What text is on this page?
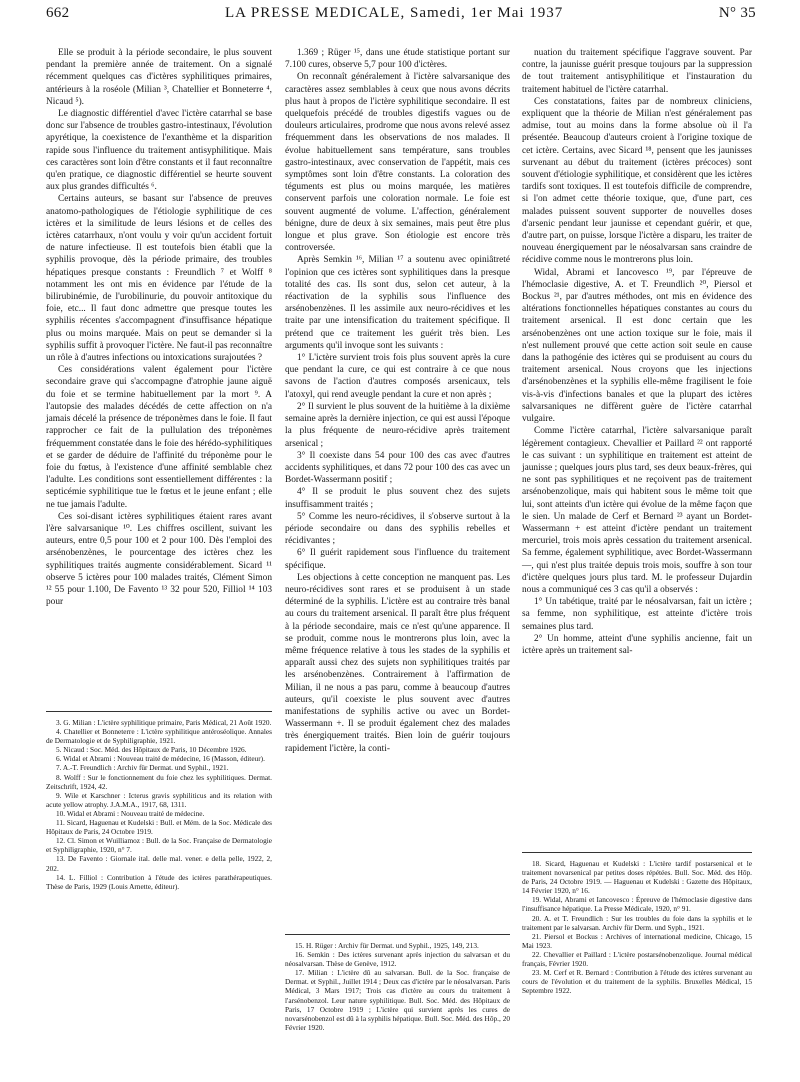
662	LA PRESSE MEDICALE, Samedi, 1er Mai 1937	N° 35

Elle se produit à la période secondaire, le plus souvent pendant la première année de traitement. On a signalé récemment quelques cas d'ictères syphilitiques primaires, antérieurs à la roséole (Milian ³, Chatellier et Bonneterre ⁴, Nicaud ⁵).

Le diagnostic différentiel d'avec l'ictère catarrhal se base donc sur l'absence de troubles gastro-intestinaux, l'évolution apyrétique, la coexistence de l'exanthème et la disparition rapide sous l'influence du traitement antisyphilitique. Mais ces caractères sont loin d'être constants et il faut reconnaître qu'en pratique, ce diagnostic différentiel se heurte souvent aux plus grandes difficultés ⁶.

Certains auteurs, se basant sur l'absence de preuves anatomo-pathologiques de l'étiologie syphilitique de ces ictères et la similitude de leurs lésions et de celles des ictères catarrhaux, n'ont voulu y voir qu'un accident fortuit de nature infectieuse. Il est toutefois bien établi que la syphilis provoque, dès la période primaire, des troubles hépatiques presque constants : Freundlich ⁷ et Wolff ⁸ notamment les ont mis en évidence par l'étude de la bilirubinémie, de l'urobilinurie, du pouvoir antitoxique du foie, etc... Il faut donc admettre que presque toutes les syphilis récentes s'accompagnent d'insuffisance hépatique plus ou moins marquée. Mais on peut se demander si la syphilis suffit à provoquer l'ictère. Ne faut-il pas reconnaître un rôle à d'autres infections ou intoxications surajoutées ?

Ces considérations valent également pour l'ictère secondaire grave qui s'accompagne d'atrophie jaune aiguë du foie et se termine habituellement par la mort ⁹. A l'autopsie des malades décédés de cette affection on n'a jamais décelé la présence de tréponèmes dans le foie. Il faut rapprocher ce fait de la pullulation des tréponèmes fréquemment constatée dans le foie des hérédo-syphilitiques et se garder de déduire de l'affinité du tréponème pour le foie du fœtus, à l'existence d'une affinité semblable chez l'adulte. Les conditions sont essentiellement différentes : la septicémie syphilitique tue le fœtus et le jeune enfant ; elle ne tue jamais l'adulte.

Ces soi-disant ictères syphilitiques étaient rares avant l'ère salvarsanique ¹⁰. Les chiffres oscillent, suivant les auteurs, entre 0,5 pour 100 et 2 pour 100. Dès l'emploi des arsénobenzènes, le pourcentage des ictères chez les syphilitiques traités augmente considérablement. Sicard ¹¹ observe 5 ictères pour 100 malades traités, Clément Simon ¹² 55 pour 1.100, De Favento ¹³ 32 pour 520, Filliol ¹⁴ 103 pour

1.369 ; Rüger ¹⁵, dans une étude statistique portant sur 7.100 cures, observe 5,7 pour 100 d'ictères.

On reconnaît généralement à l'ictère salvarsanique des caractères assez semblables à ceux que nous avons décrits plus haut à propos de l'ictère syphilitique secondaire. Il est quelquefois précédé de troubles digestifs vagues ou de douleurs articulaires, prodrome que nous avons relevé assez fréquemment dans les observations de nos malades. Il évolue habituellement sans température, sans troubles gastro-intestinaux, avec conservation de l'appétit, mais ces symptômes sont loin d'être constants. La coloration des téguments est plus ou moins marquée, les matières conservent parfois une coloration normale. Le foie est souvent augmenté de volume. L'affection, généralement bénigne, dure de deux à six semaines, mais peut être plus longue et plus grave. Son étiologie est encore très controversée.

Après Semkin ¹⁶, Milian ¹⁷ a soutenu avec opiniâtreté l'opinion que ces ictères sont syphilitiques dans la presque totalité des cas. Ils sont dus, selon cet auteur, à la réactivation de la syphilis sous l'influence des arsénobenzènes. Il les assimile aux neuro-récidives et les traite par une intensification du traitement spécifique. Il prétend que ce traitement les guérit très bien. Les arguments qu'il invoque sont les suivants :

1° L'ictère survient trois fois plus souvent après la cure que pendant la cure, ce qui est contraire à ce que nous savons de l'action d'autres composés arsenicaux, tels l'atoxyl, qui rend aveugle pendant la cure et non après ;

2° Il survient le plus souvent de la huitième à la dixième semaine après la dernière injection, ce qui est aussi l'époque la plus fréquente de neuro-récidive après traitement arsenical ;

3° Il coexiste dans 54 pour 100 des cas avec d'autres accidents syphilitiques, et dans 72 pour 100 des cas avec un Bordet-Wassermann positif ;

4° Il se produit le plus souvent chez des sujets insuffisamment traités ;

5° Comme les neuro-récidives, il s'observe surtout à la période secondaire ou dans des syphilis rebelles et récidivantes ;

6° Il guérit rapidement sous l'influence du traitement spécifique.

Les objections à cette conception ne manquent pas. Les neuro-récidives sont rares et se produisent à un stade déterminé de la syphilis. L'ictère est au contraire très banal au cours du traitement arsenical. Il paraît être plus fréquent à la période secondaire, mais ce n'est qu'une apparence. Il se produit, comme nous le montrerons plus loin, avec la même fréquence relative à tous les stades de la syphilis et apparaît aussi chez des sujets non syphilitiques traités par les arsénobenzènes. Contrairement à l'affirmation de Milian, il ne nous a pas paru, comme à beaucoup d'autres auteurs, qu'il coexiste le plus souvent avec d'autres manifestations de syphilis active ou avec un Bordet-Wassermann +. Il se produit également chez des malades très énergiquement traités. Bien loin de guérir toujours rapidement l'ictère, la conti-

nuation du traitement spécifique l'aggrave souvent. Par contre, la jaunisse guérit presque toujours par la suppression de tout traitement antisyphilitique et l'instauration du traitement habituel de l'ictère catarrhal.

Ces constatations, faites par de nombreux cliniciens, expliquent que la théorie de Milian n'est généralement pas admise, tout au moins dans la forme absolue où il l'a présentée. Beaucoup d'auteurs croient à l'origine toxique de cet ictère. Certains, avec Sicard ¹⁸, pensent que les jaunisses survenant au début du traitement (ictères précoces) sont souvent d'étiologie syphilitique, et considèrent que les ictères tardifs sont toxiques. Il est toutefois difficile de comprendre, si l'on admet cette théorie toxique, que, d'une part, ces malades puissent souvent supporter de nouvelles doses d'arsenic pendant leur jaunisse et cependant guérir, et que, d'autre part, on puisse, lorsque l'ictère a disparu, les traiter de nouveau énergiquement par le néosalvarsan sans craindre de récidive comme nous le montrerons plus loin.

Widal, Abrami et Iancovesco ¹⁹, par l'épreuve de l'hémoclasie digestive, A. et T. Freundlich ²⁰, Piersol et Bockus ²¹, par d'autres méthodes, ont mis en évidence des altérations fonctionnelles hépatiques constantes au cours du traitement arsenical. Il est donc certain que les arsénobenzènes ont une action toxique sur le foie, mais il n'est nullement prouvé que cette action soit seule en cause dans la pathogénie des ictères qui se produisent au cours du traitement arsenical. Nous croyons que les injections d'arsénobenzènes et la syphilis elle-même fragilisent le foie vis-à-vis d'infections banales et que la plupart des ictères salvarsaniques ne diffèrent guère de l'ictère catarrhal vulgaire.

Comme l'ictère catarrhal, l'ictère salvarsanique paraît légèrement contagieux. Chevallier et Paillard ²² ont rapporté le cas suivant : un syphilitique en traitement est atteint de jaunisse ; quelques jours plus tard, ses deux beaux-frères, qui ne sont pas syphilitiques et ne reçoivent pas de traitement arsénobenzolique, mais qui habitent sous le même toit que lui, sont atteints d'un ictère qui évolue de la même façon que le sien. Un malade de Cerf et Bernard ²³ ayant un Bordet-Wassermann + est atteint d'ictère pendant un traitement mercuriel, trois mois après cessation du traitement arsenical. Sa femme, également syphilitique, avec Bordet-Wassermann —, qui n'est plus traitée depuis trois mois, souffre à son tour d'ictère quelques jours plus tard. M. le professeur Dujardin nous a communiqué ces 3 cas qu'il a observés :

1° Un tabétique, traité par le néosalvarsan, fait un ictère ; sa femme, non syphilitique, est atteinte d'ictère trois semaines plus tard.

2° Un homme, atteint d'une syphilis ancienne, fait un ictère après un traitement sal-

3. G. Milian : L'ictère syphilitique primaire, Paris Médical, 21 Août 1920.
4. Chatellier et Bonneterre : L'ictère syphilitique antéroséolique. Annales de Dermatologie et de Syphiligraphie, 1921.
5. Nicaud : Soc. Méd. des Hôpitaux de Paris, 10 Décembre 1926.
6. Widal et Abrami : Nouveau traité de médecine, 16 (Masson, éditeur).
7. A.-T. Freundlich : Archiv für Dermat. und Syphil., 1921.
8. Wolff : Sur le fonctionnement du foie chez les syphilitiques. Dermat. Zeitschrift, 1924, 42.
9. Wile et Karschner : Icterus gravis syphiliticus and its relation with acute yellow atrophy. J.A.M.A., 1917, 68, 1311.
10. Widal et Abrami : Nouveau traité de médecine.
11. Sicard, Haguenau et Kudelski : Bull. et Mém. de la Soc. Médicale des Hôpitaux de Paris, 24 Octobre 1919.
12. Cl. Simon et Wuilliamoz : Bull. de la Soc. Française de Dermatologie et Syphiligraphie, 1920, n° 7.
13. De Favento : Giornale ital. delle mal. vener. e della pelle, 1922, 2, 202.
14. L. Filliol : Contribution à l'étude des ictères parathérapeutiques. Thèse de Paris, 1929 (Louis Arnette, éditeur).
15. H. Rüger : Archiv für Dermat. und Syphil., 1925, 149, 213.
16. Semkin : Des ictères survenant après injection du salvarsan et du néosalvarsan. Thèse de Genève, 1912.
17. Milian : L'ictère dû au salvarsan. Bull. de la Soc. française de Dermat. et Syphil., Juillet 1914 ; Deux cas d'ictère par le néosalvarsan. Paris Médical, 3 Mars 1917; Trois cas d'ictère au cours du traitement à l'arsénobenzol. Leur nature syphilitique. Bull. Soc. Méd. des Hôpitaux de Paris, 17 Octobre 1919 ; L'ictère qui survient après les cures de novarsénobenzol est dû à la syphilis hépatique. Bull. Soc. Méd. des Hôp., 20 Février 1920.
18. Sicard, Haguenau et Kudelski : L'ictère tardif postarsenical et le traitement novarsenical par petites doses répétées. Bull. Soc. Méd. des Hôp. de Paris, 24 Octobre 1919. — Haguenau et Kudelski : Gazette des Hôpitaux, 14 Février 1920, n° 16.
19. Widal, Abrami et Iancovesco : Épreuve de l'hémoclasie digestive dans l'insuffisance hépatique. La Presse Médicale, 1920, n° 91.
20. A. et T. Freundlich : Sur les troubles du foie dans la syphilis et le traitement par le salvarsan. Archiv für Derm. und Syph., 1921.
21. Piersol et Bockus : Archives of international medicine, Chicago, 15 Mai 1923.
22. Chevallier et Paillard : L'ictère postarsénobenzolique. Journal médical français, Février 1920.
23. M. Cerf et R. Bernard : Contribution à l'étude des ictères survenant au cours de l'évolution et du traitement de la syphilis. Bruxelles Médical, 15 Septembre 1922.
